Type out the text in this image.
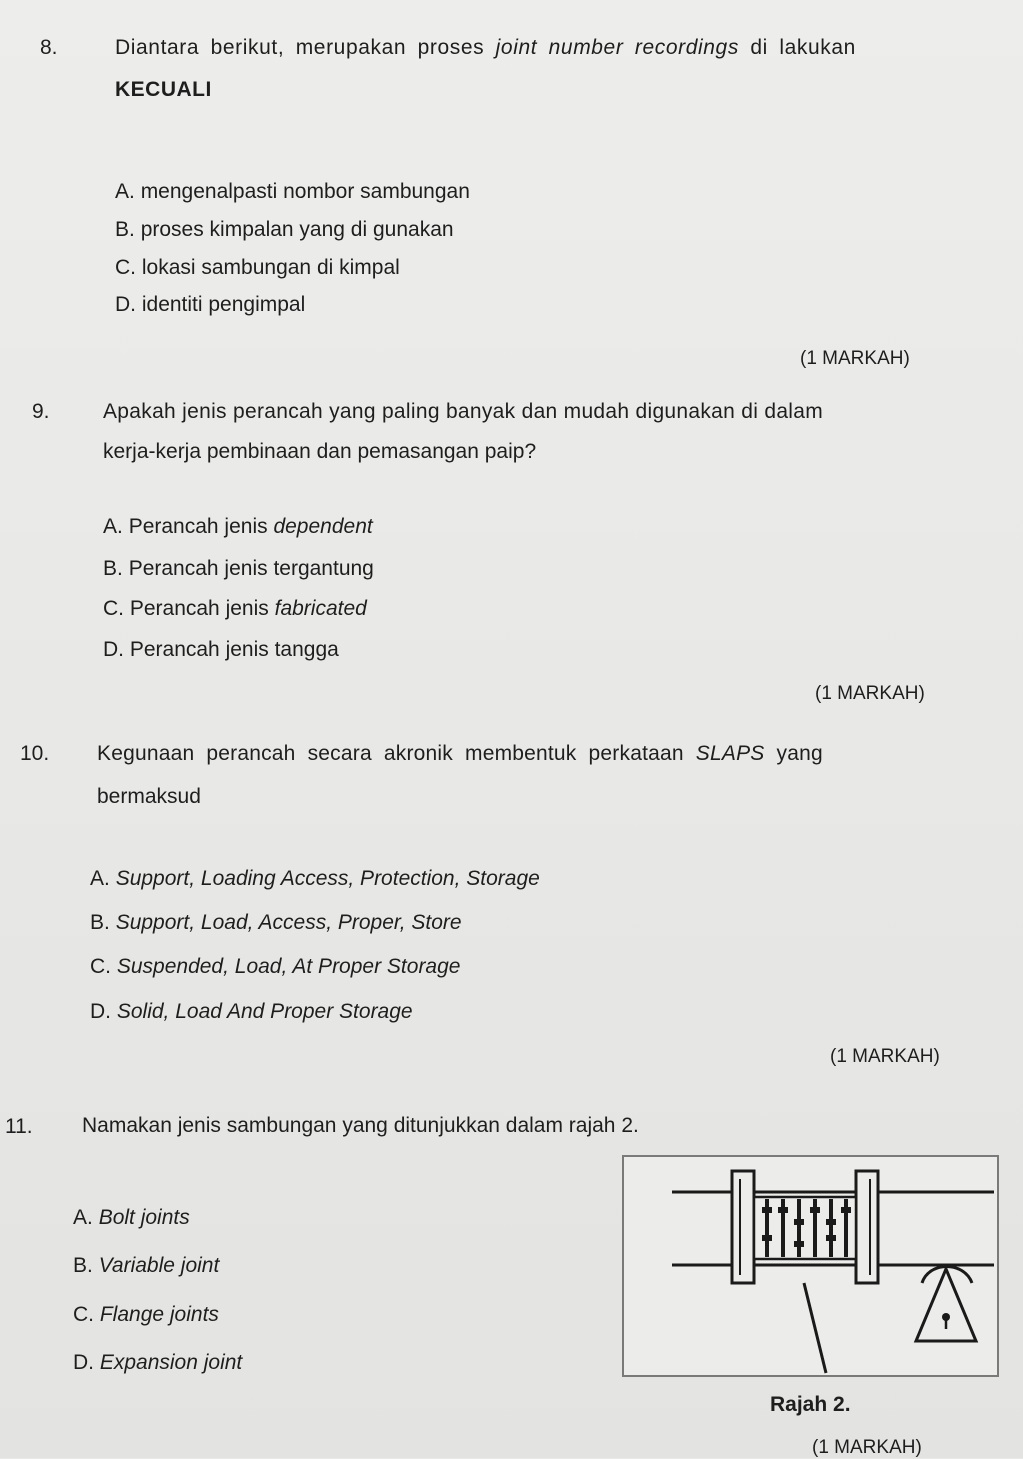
8.	Diantara berikut, merupakan proses joint number recordings di lakukan
KECUALI
A. mengenalpasti nombor sambungan
B. proses kimpalan yang di gunakan
C. lokasi sambungan di kimpal
D. identiti pengimpal
(1 MARKAH)
9.	Apakah jenis perancah yang paling banyak dan mudah digunakan di dalam
kerja-kerja pembinaan dan pemasangan paip?
A. Perancah jenis dependent
B. Perancah jenis tergantung
C. Perancah jenis fabricated
D. Perancah jenis tangga
(1 MARKAH)
10. Kegunaan perancah secara akronik membentuk perkataan SLAPS yang
bermaksud
A. Support, Loading Access, Protection, Storage
B. Support, Load, Access, Proper, Store
C. Suspended, Load, At Proper Storage
D. Solid, Load And Proper Storage
(1 MARKAH)
11. Namakan jenis sambungan yang ditunjukkan dalam rajah 2.
A. Bolt joints
B. Variable joint
C. Flange joints
D. Expansion joint
Rajah 2.
(1 MARKAH)
